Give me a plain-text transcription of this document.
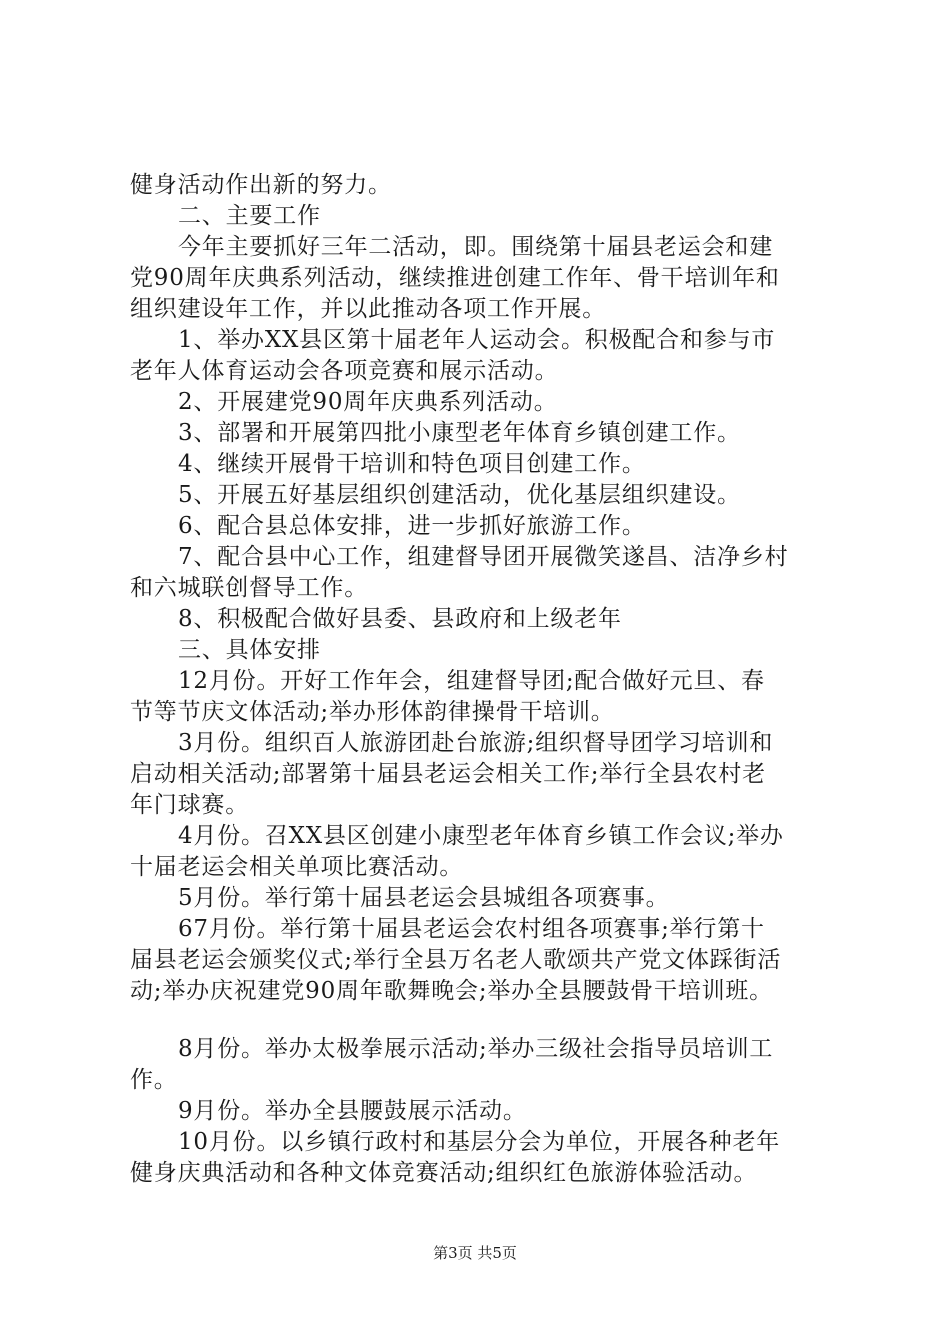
健身活动作出新的努力。
二、主要工作
今年主要抓好三年二活动，即。围绕第十届县老运会和建
党90周年庆典系列活动，继续推进创建工作年、骨干培训年和
组织建设年工作，并以此推动各项工作开展。
1、举办XX县区第十届老年人运动会。积极配合和参与市
老年人体育运动会各项竞赛和展示活动。
2、开展建党90周年庆典系列活动。
3、部署和开展第四批小康型老年体育乡镇创建工作。
4、继续开展骨干培训和特色项目创建工作。
5、开展五好基层组织创建活动，优化基层组织建设。
6、配合县总体安排，进一步抓好旅游工作。
7、配合县中心工作，组建督导团开展微笑遂昌、洁净乡村
和六城联创督导工作。
8、积极配合做好县委、县政府和上级老年
三、具体安排
12月份。开好工作年会，组建督导团;配合做好元旦、春
节等节庆文体活动;举办形体韵律操骨干培训。
3月份。组织百人旅游团赴台旅游;组织督导团学习培训和
启动相关活动;部署第十届县老运会相关工作;举行全县农村老
年门球赛。
4月份。召XX县区创建小康型老年体育乡镇工作会议;举办
十届老运会相关单项比赛活动。
5月份。举行第十届县老运会县城组各项赛事。
67月份。举行第十届县老运会农村组各项赛事;举行第十
届县老运会颁奖仪式;举行全县万名老人歌颂共产党文体踩街活
动;举办庆祝建党90周年歌舞晚会;举办全县腰鼓骨干培训班。
8月份。举办太极拳展示活动;举办三级社会指导员培训工
作。
9月份。举办全县腰鼓展示活动。
10月份。以乡镇行政村和基层分会为单位，开展各种老年
健身庆典活动和各种文体竞赛活动;组织红色旅游体验活动。
第3页 共5页
